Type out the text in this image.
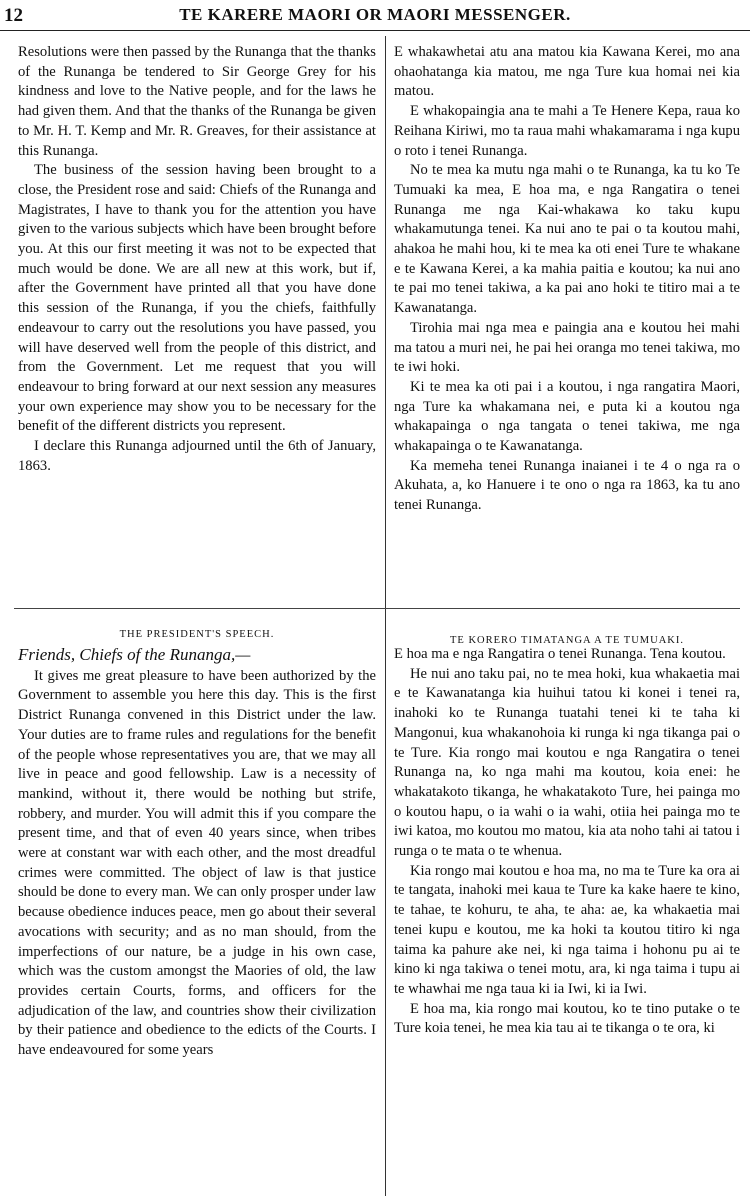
12	TE KARERE MAORI OR MAORI MESSENGER.

Resolutions were then passed by the Runanga that the thanks of the Runanga be tendered to Sir George Grey for his kindness and love to the Native people, and for the laws he had given them. And that the thanks of the Runanga be given to Mr. H. T. Kemp and Mr. R. Greaves, for their assistance at this Runanga.

The business of the session having been brought to a close, the President rose and said: Chiefs of the Runanga and Magistrates, I have to thank you for the attention you have given to the various subjects which have been brought before you. At this our first meeting it was not to be expected that much would be done. We are all new at this work, but if, after the Government have printed all that you have done this session of the Runanga, if you the chiefs, faithfully endeavour to carry out the resolutions you have passed, you will have deserved well from the people of this district, and from the Government. Let me request that you will endeavour to bring forward at our next session any measures your own experience may show you to be necessary for the benefit of the different districts you represent.

I declare this Runanga adjourned until the 6th of January, 1863.

E whakawhetai atu ana matou kia Kawana Kerei, mo ana ohaohatanga kia matou, me nga Ture kua homai nei kia matou.

E whakopaingia ana te mahi a Te Henere Kepa, raua ko Reihana Kiriwi, mo ta raua mahi whakamarama i nga kupu o roto i tenei Runanga.

No te mea ka mutu nga mahi o te Runanga, ka tu ko Te Tumuaki ka mea, E hoa ma, e nga Rangatira o tenei Runanga me nga Kai-whakawa ko taku kupu whakamutunga tenei. Ka nui ano te pai o ta koutou mahi, ahakoa he mahi hou, ki te mea ka oti enei Ture te whakane e te Kawana Kerei, a ka mahia paitia e koutou; ka nui ano te pai mo tenei takiwa, a ka pai ano hoki te titiro mai a te Kawanatanga.

Tirohia mai nga mea e paingia ana e koutou hei mahi ma tatou a muri nei, he pai hei oranga mo tenei takiwa, mo te iwi hoki.

Ki te mea ka oti pai i a koutou, i nga rangatira Maori, nga Ture ka whakamana nei, e puta ki a koutou nga whakapainga o nga tangata o tenei takiwa, me nga whakapainga o te Kawanatanga.

Ka memeha tenei Runanga inaianei i te 4 o nga ra o Akuhata, a, ko Hanuere i te ono o nga ra 1863, ka tu ano tenei Runanga.

THE PRESIDENT'S SPEECH.
TE KORERO TIMATANGA A TE TUMUAKI.

Friends, Chiefs of the Runanga,—

It gives me great pleasure to have been authorized by the Government to assemble you here this day. This is the first District Runanga convened in this District under the law. Your duties are to frame rules and regulations for the benefit of the people whose representatives you are, that we may all live in peace and good fellowship. Law is a necessity of mankind, without it, there would be nothing but strife, robbery, and murder. You will admit this if you compare the present time, and that of even 40 years since, when tribes were at constant war with each other, and the most dreadful crimes were committed. The object of law is that justice should be done to every man. We can only prosper under law because obedience induces peace, men go about their several avocations with security; and as no man should, from the imperfections of our nature, be a judge in his own case, which was the custom amongst the Maories of old, the law provides certain Courts, forms, and officers for the adjudication of the law, and countries show their civilization by their patience and obedience to the edicts of the Courts. I have endeavoured for some years

E hoa ma e nga Rangatira o tenei Runanga. Tena koutou.

He nui ano taku pai, no te mea hoki, kua whakaetia mai e te Kawanatanga kia huihui tatou ki konei i tenei ra, inahoki ko te Runanga tuatahi tenei ki te taha ki Mangonui, kua whakanohoia ki runga ki nga tikanga pai o te Ture. Kia rongo mai koutou e nga Rangatira o tenei Runanga na, ko nga mahi ma koutou, koia enei: he whakatakoto tikanga, he whakatakoto Ture, hei painga mo o koutou hapu, o ia wahi o ia wahi, otiia hei painga mo te iwi katoa, mo koutou mo matou, kia ata noho tahi ai tatou i runga o te mata o te whenua.

Kia rongo mai koutou e hoa ma, no ma te Ture ka ora ai te tangata, inahoki mei kaua te Ture ka kake haere te kino, te tahae, te kohuru, te aha, te aha: ae, ka whakaetia mai tenei kupu e koutou, me ka hoki ta koutou titiro ki nga taima ka pahure ake nei, ki nga taima i hohonu pu ai te kino ki nga takiwa o tenei motu, ara, ki nga taima i tupu ai te whawhai me nga taua ki ia Iwi, ki ia Iwi.

E hoa ma, kia rongo mai koutou, ko te tino putake o te Ture koia tenei, he mea kia tau ai te tikanga o te ora, ki
